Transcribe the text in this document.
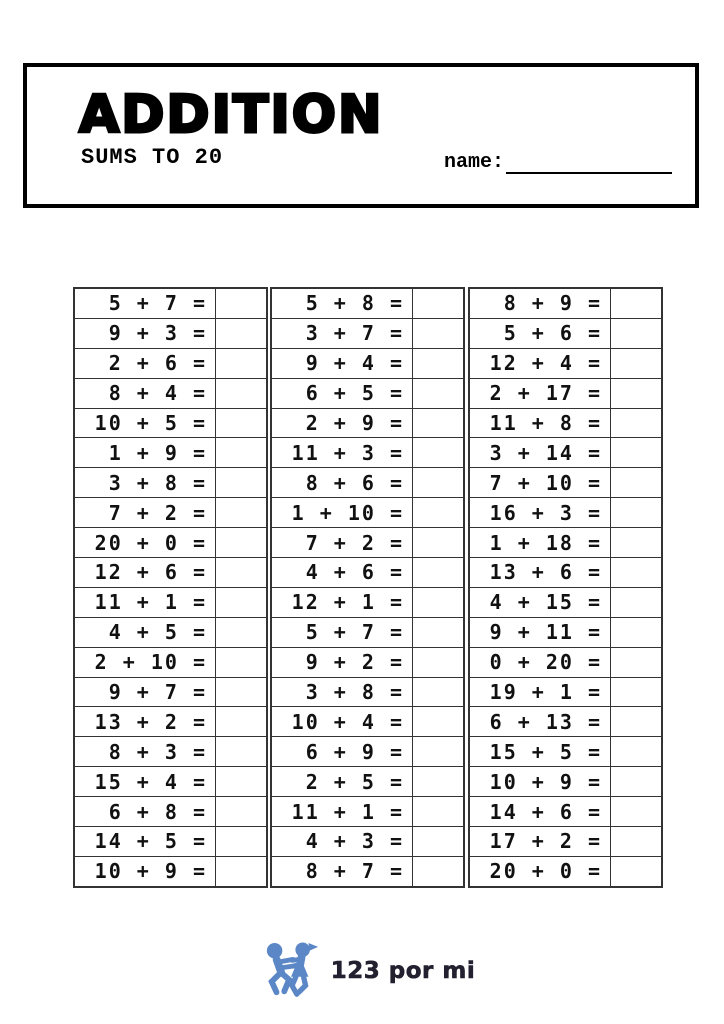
ADDITION
SUMS TO 20	name:
5 + 7 =	
9 + 3 =	
2 + 6 =	
8 + 4 =	
10 + 5 =	
1 + 9 =	
3 + 8 =	
7 + 2 =	
20 + 0 =	
12 + 6 =	
11 + 1 =	
4 + 5 =	
2 + 10 =	
9 + 7 =	
13 + 2 =	
8 + 3 =	
15 + 4 =	
6 + 8 =	
14 + 5 =	
10 + 9 =	
5 + 8 =	
3 + 7 =	
9 + 4 =	
6 + 5 =	
2 + 9 =	
11 + 3 =	
8 + 6 =	
1 + 10 =	
7 + 2 =	
4 + 6 =	
12 + 1 =	
5 + 7 =	
9 + 2 =	
3 + 8 =	
10 + 4 =	
6 + 9 =	
2 + 5 =	
11 + 1 =	
4 + 3 =	
8 + 7 =	
8 + 9 =	
5 + 6 =	
12 + 4 =	
2 + 17 =	
11 + 8 =	
3 + 14 =	
7 + 10 =	
16 + 3 =	
1 + 18 =	
13 + 6 =	
4 + 15 =	
9 + 11 =	
0 + 20 =	
19 + 1 =	
6 + 13 =	
15 + 5 =	
10 + 9 =	
14 + 6 =	
17 + 2 =	
20 + 0 =	
123 por mi
